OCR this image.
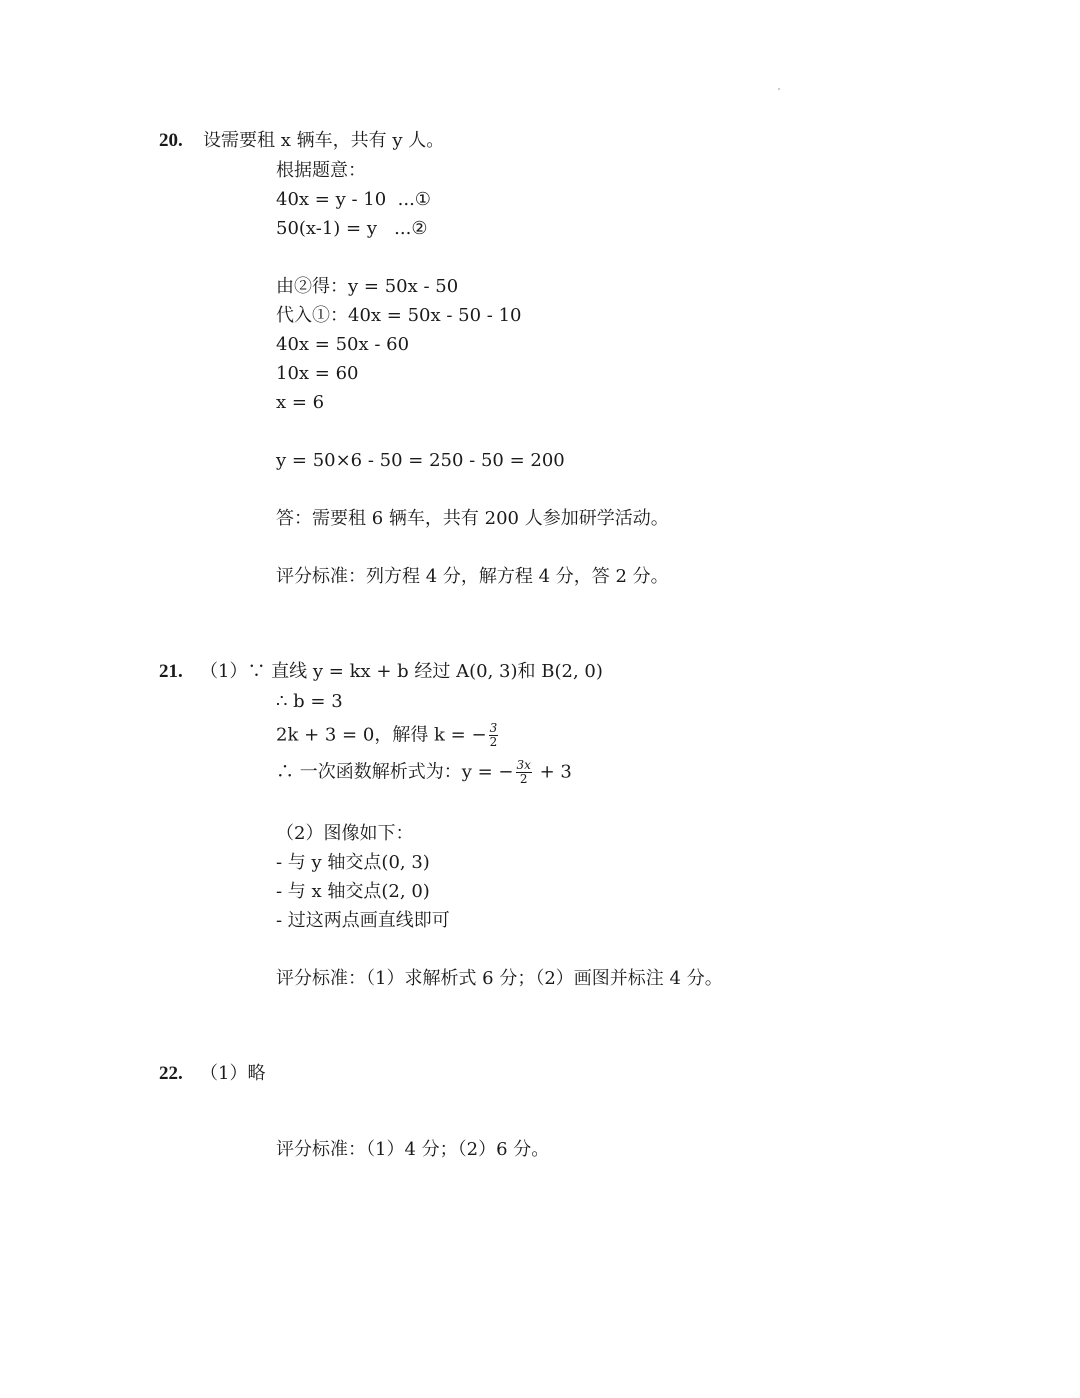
20. 设需要租 x 辆车，共有 y 人。
根据题意：
40x = y - 10  ...①
50(x-1) = y   ...②
由②得：y = 50x - 50
代入①：40x = 50x - 50 - 10
40x = 50x - 60
10x = 60
x = 6
y = 50×6 - 50 = 250 - 50 = 200
答：需要租 6 辆车，共有 200 人参加研学活动。
评分标准：列方程 4 分，解方程 4 分，答 2 分。
21. （1）∵ 直线 y = kx + b 经过 A(0, 3)和 B(2, 0)
∴ b = 3
2k + 3 = 0，解得 k = − $\frac{3}{2}$
∴ 一次函数解析式为：y = − $\frac{3x}{2} + 3$
（2）图像如下：
- 与 y 轴交点(0, 3)
- 与 x 轴交点(2, 0)
- 过这两点画直线即可
评分标准：（1）求解析式 6 分；（2）画图并标注 4 分。
22. （1）略
评分标准：（1）4 分；（2）6 分。
